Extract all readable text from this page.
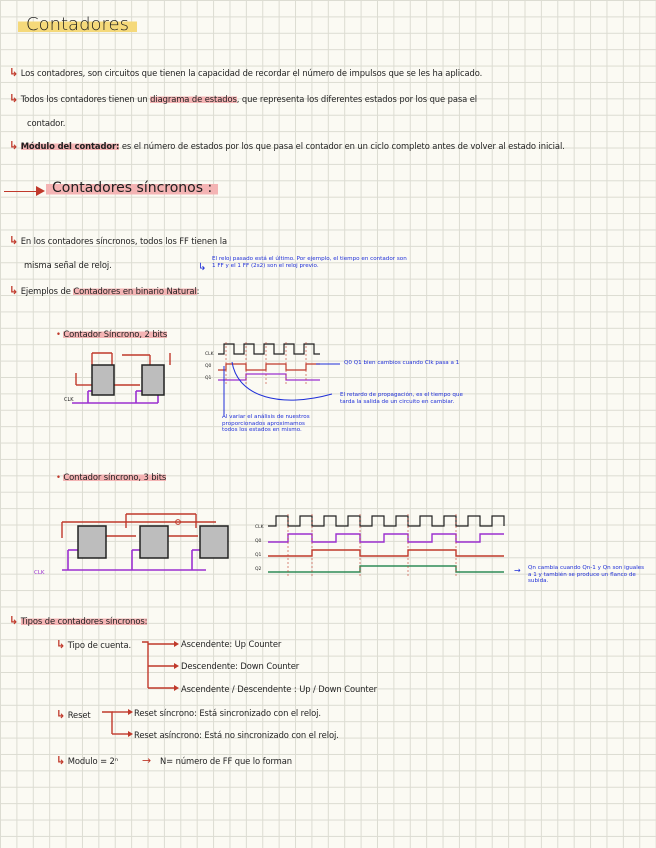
Contadores
↳ Los contadores, son circuitos que tienen la capacidad de recordar el número de impulsos que se les ha aplicado.
↳ Todos los contadores tienen un diagrama de estados, que representa los diferentes estados por los que pasa el
contador.
↳ Módulo del contador: es el número de estados por los que pasa el contador en un ciclo completo antes de volver al estado inicial.
Contadores síncronos :
↳ En los contadores síncronos, todos los FF tienen la
misma señal de reloj.	↳
El reloj pasado está el último. Por ejemplo, el tiempo en contador son 1 FF y el 1 FF (2s2) son el reloj previo.
↳ Ejemplos de Contadores en binario Natural:
• Contador Síncrono, 2 bits
CLK
CLK
Q0
Q1
Q0 Q1 bien cambios cuando Clk pasa a 1
El retardo de propagación, es el tiempo que tarda la salida de un circuito en cambiar.
Al variar el análisis de nuestros proporcionados aproximamos todos los estados en mismo.
• Contador síncrono, 3 bits
CLK
CLK
Q0
Q1
Q2	→ Qn cambia cuando Qn-1 y Qn son iguales a 1 y también se produce un flanco de subida.
↳ Tipos de contadores síncronos:
↳ Tipo de cuenta.	Ascendente: Up Counter
Descendente: Down Counter
Ascendente / Descendente : Up / Down Counter
↳ Reset	Reset síncrono: Está sincronizado con el reloj.
Reset asíncrono: Está no sincronizado con el reloj.
↳ Modulo = 2ⁿ → N= número de FF que lo forman
